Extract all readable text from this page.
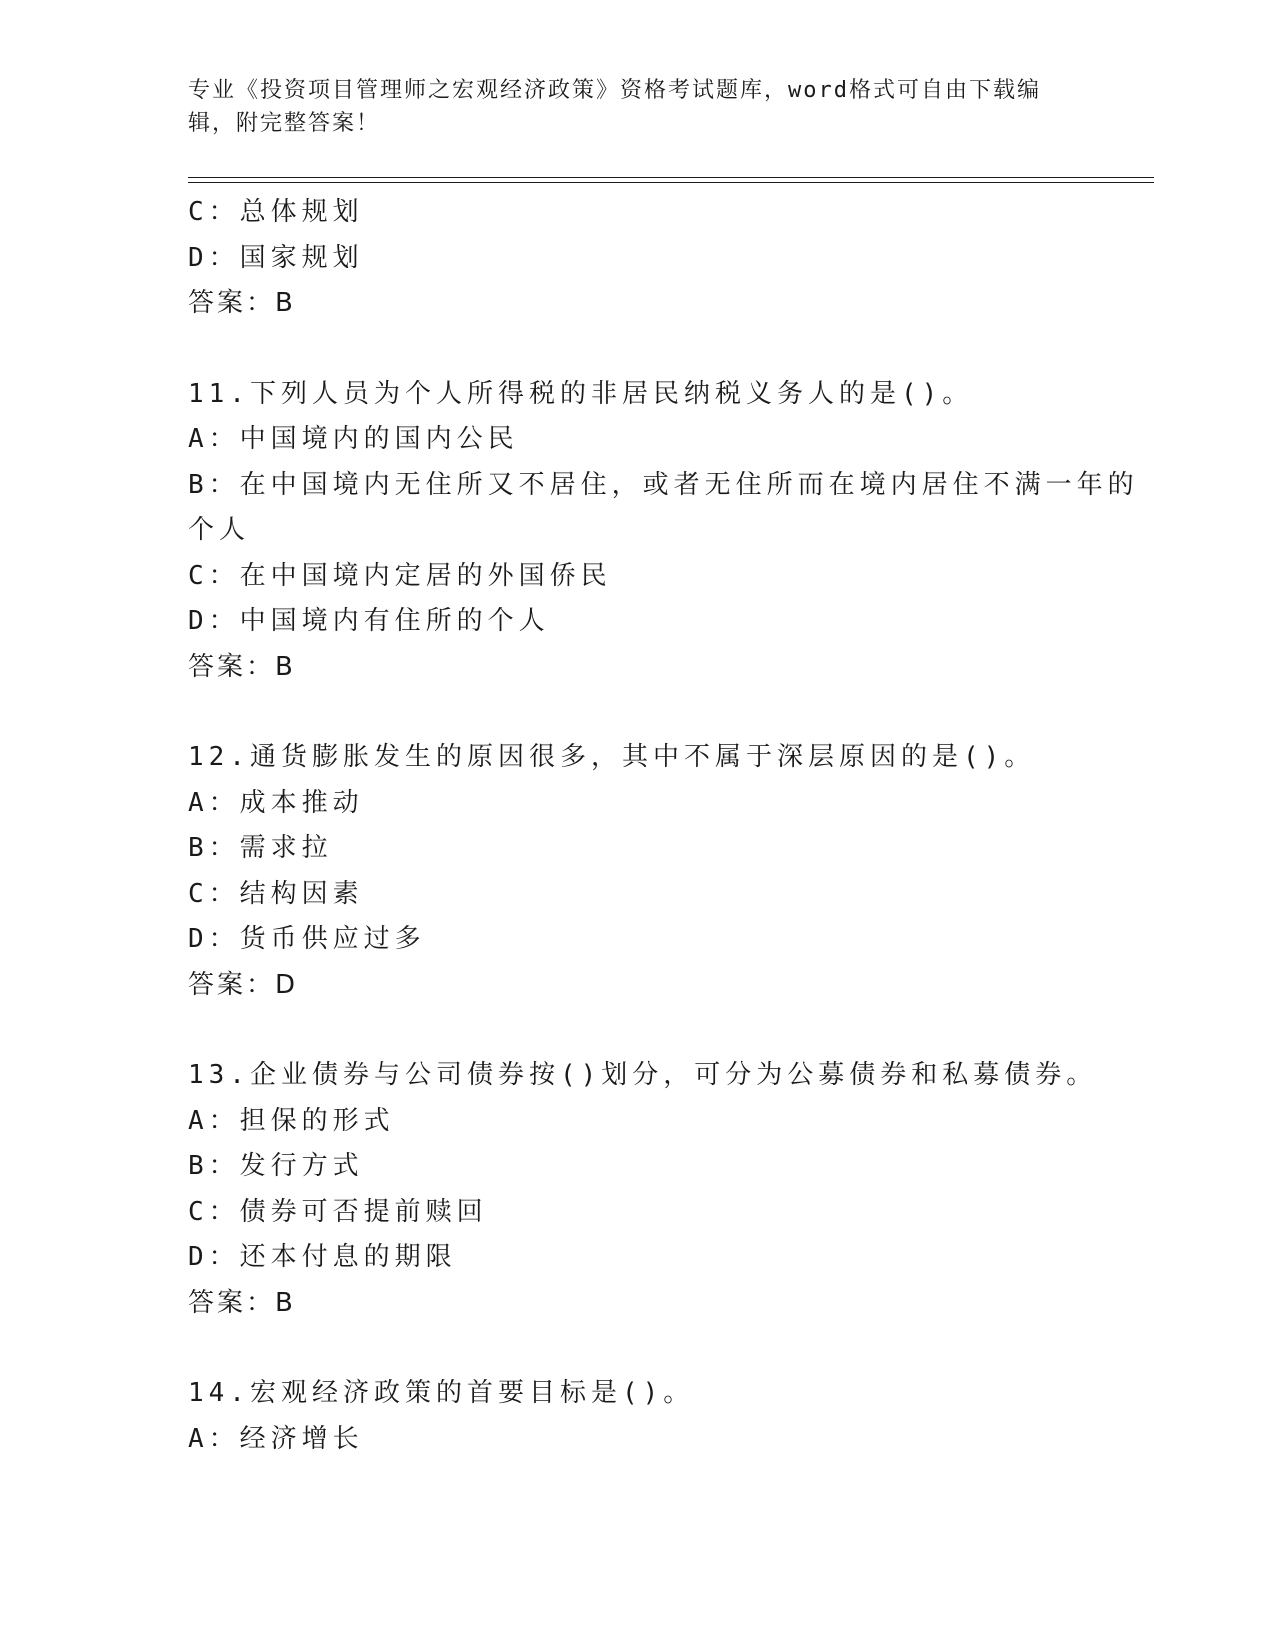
专业《投资项目管理师之宏观经济政策》资格考试题库，word格式可自由下载编
辑，附完整答案！
C：总体规划
D：国家规划
答案：B
11.下列人员为个人所得税的非居民纳税义务人的是()。
A：中国境内的国内公民
B：在中国境内无住所又不居住，或者无住所而在境内居住不满一年的
个人
C：在中国境内定居的外国侨民
D：中国境内有住所的个人
答案：B
12.通货膨胀发生的原因很多，其中不属于深层原因的是()。
A：成本推动
B：需求拉
C：结构因素
D：货币供应过多
答案：D
13.企业债券与公司债券按()划分，可分为公募债券和私募债券。
A：担保的形式
B：发行方式
C：债券可否提前赎回
D：还本付息的期限
答案：B
14.宏观经济政策的首要目标是()。
A：经济增长
